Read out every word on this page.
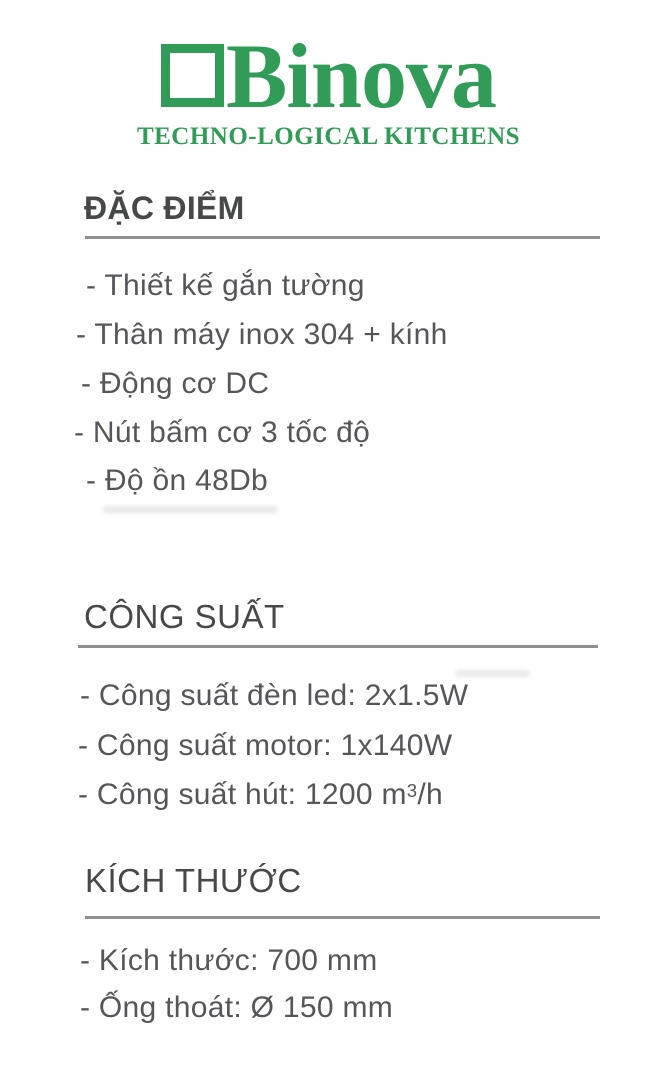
Binova
TECHNO-LOGICAL KITCHENS
ĐẶC ĐIỂM
- Thiết kế gắn tường
- Thân máy inox 304 + kính
- Động cơ DC
- Nút bấm cơ 3 tốc độ
- Độ ồn 48Db
CÔNG SUẤT
- Công suất đèn led: 2x1.5W
- Công suất motor: 1x140W
- Công suất hút: 1200 $m^3/h$
KÍCH THƯỚC
- Kích thước: 700 mm
- Ống thoát: Ø 150 mm
